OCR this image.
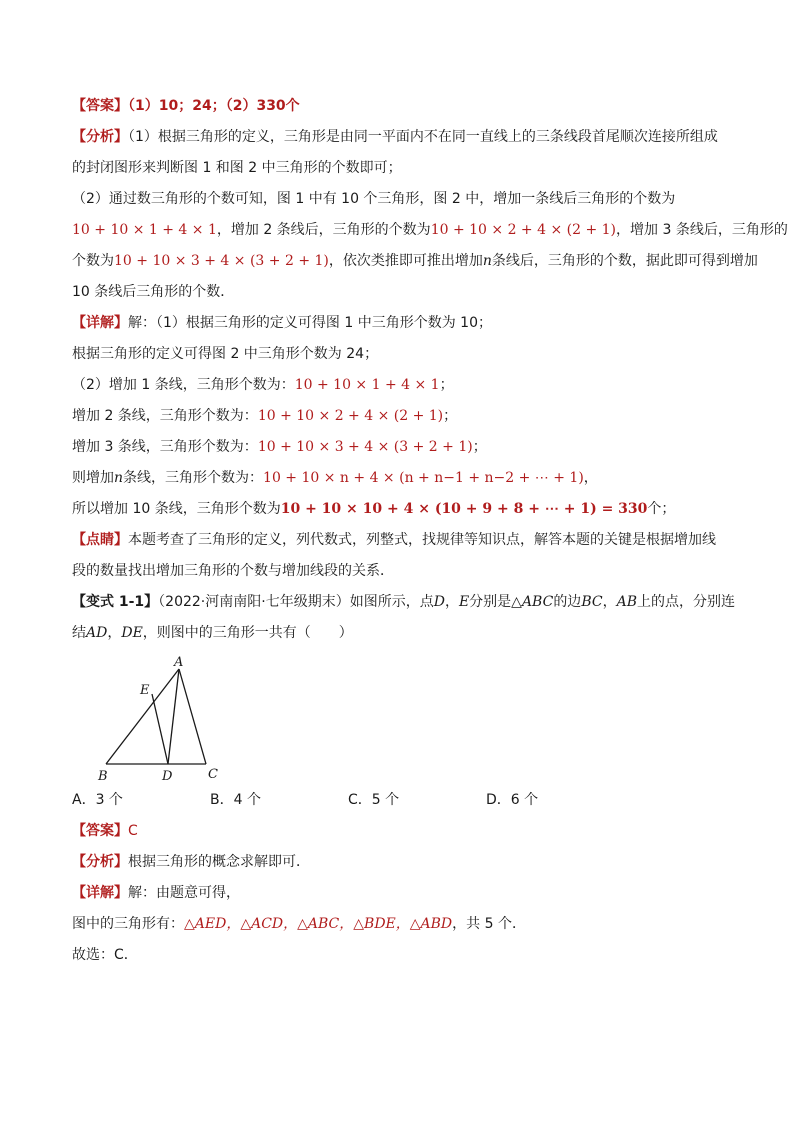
【答案】（1）10；24；（2）330个
【分析】（1）根据三角形的定义，三角形是由同一平面内不在同一直线上的三条线段首尾顺次连接所组成
的封闭图形来判断图 1 和图 2 中三角形的个数即可；
（2）通过数三角形的个数可知，图 1 中有 10 个三角形，图 2 中，增加一条线后三角形的个数为
10 + 10 × 1 + 4 × 1，增加 2 条线后，三角形的个数为10 + 10 × 2 + 4 × (2 + 1)，增加 3 条线后，三角形的
个数为10 + 10 × 3 + 4 × (3 + 2 + 1)，依次类推即可推出增加n条线后，三角形的个数，据此即可得到增加
10 条线后三角形的个数．
【详解】解：（1）根据三角形的定义可得图 1 中三角形个数为 10；
根据三角形的定义可得图 2 中三角形个数为 24；
（2）增加 1 条线，三角形个数为：10 + 10 × 1 + 4 × 1；
增加 2 条线，三角形个数为：10 + 10 × 2 + 4 × (2 + 1)；
增加 3 条线，三角形个数为：10 + 10 × 3 + 4 × (3 + 2 + 1)；
则增加n条线，三角形个数为：10 + 10 × n + 4 × (n + n−1 + n−2 + ⋯ + 1)，
所以增加 10 条线，三角形个数为10 + 10 × 10 + 4 × (10 + 9 + 8 + ⋯ + 1) = 330个；
【点睛】本题考查了三角形的定义，列代数式，列整式，找规律等知识点，解答本题的关键是根据增加线
段的数量找出增加三角形的个数与增加线段的关系．
【变式 1-1】（2022·河南南阳·七年级期末）如图所示，点D，E分别是△ABC的边BC，AB上的点，分别连
结AD，DE，则图中的三角形一共有（　　）
A
E
B	D	C
A．3 个	B．4 个	C．5 个	D．6 个
【答案】C
【分析】根据三角形的概念求解即可．
【详解】解：由题意可得，
图中的三角形有：△AED，△ACD，△ABC，△BDE，△ABD，共 5 个．
故选：C．
